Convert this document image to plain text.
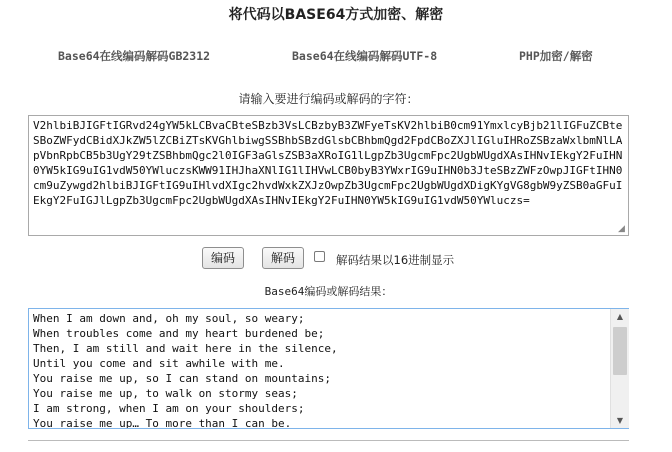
将代码以BASE64方式加密、解密
Base64在线编码解码GB2312	Base64在线编码解码UTF-8	PHP加密/解密
请输入要进行编码或解码的字符：
V2hlbiBJIGFtIGRvd24gYW5kLCBvaCBteSBzb3VsLCBzbyB3ZWFyeTsKV2hlbiB0cm91YmxlcyBjb21lIGFuZCBteSBoZWFydCBidXJkZW5lZCBiZTsKVGhlbiwgSSBhbSBzdGlsbCBhbmQgd2FpdCBoZXJlIGluIHRoZSBzaWxlbmNlLApVbnRpbCB5b3UgY29tZSBhbmQgc2l0IGF3aGlsZSB3aXRoIG1lLgpZb3UgcmFpc2UgbWUgdXAsIHNvIEkgY2FuIHN0YW5kIG9uIG1vdW50YWluczsKWW91IHJhaXNlIG1lIHVwLCB0byB3YWxrIG9uIHN0b3JteSBzZWFzOwpJIGFtIHN0cm9uZywgd2hlbiBJIGFtIG9uIHlvdXIgc2hvdWxkZXJzOwpZb3UgcmFpc2UgbWUgdXDigKYgVG8gbW9yZSB0aGFuIEkgY2FuIGJlLgpZb3UgcmFpc2UgbWUgdXAsIHNvIEkgY2FuIHN0YW5kIG9uIG1vdW50YWluczs=
◢
编码	解码	解码结果以16进制显示
Base64编码或解码结果：
When I am down and, oh my soul, so weary; When troubles come and my heart burdened be; Then, I am still and wait here in the silence, Until you come and sit awhile with me. You raise me up, so I can stand on mountains; You raise me up, to walk on stormy seas; I am strong, when I am on your shoulders; You raise me up… To more than I can be.
▲
▼
